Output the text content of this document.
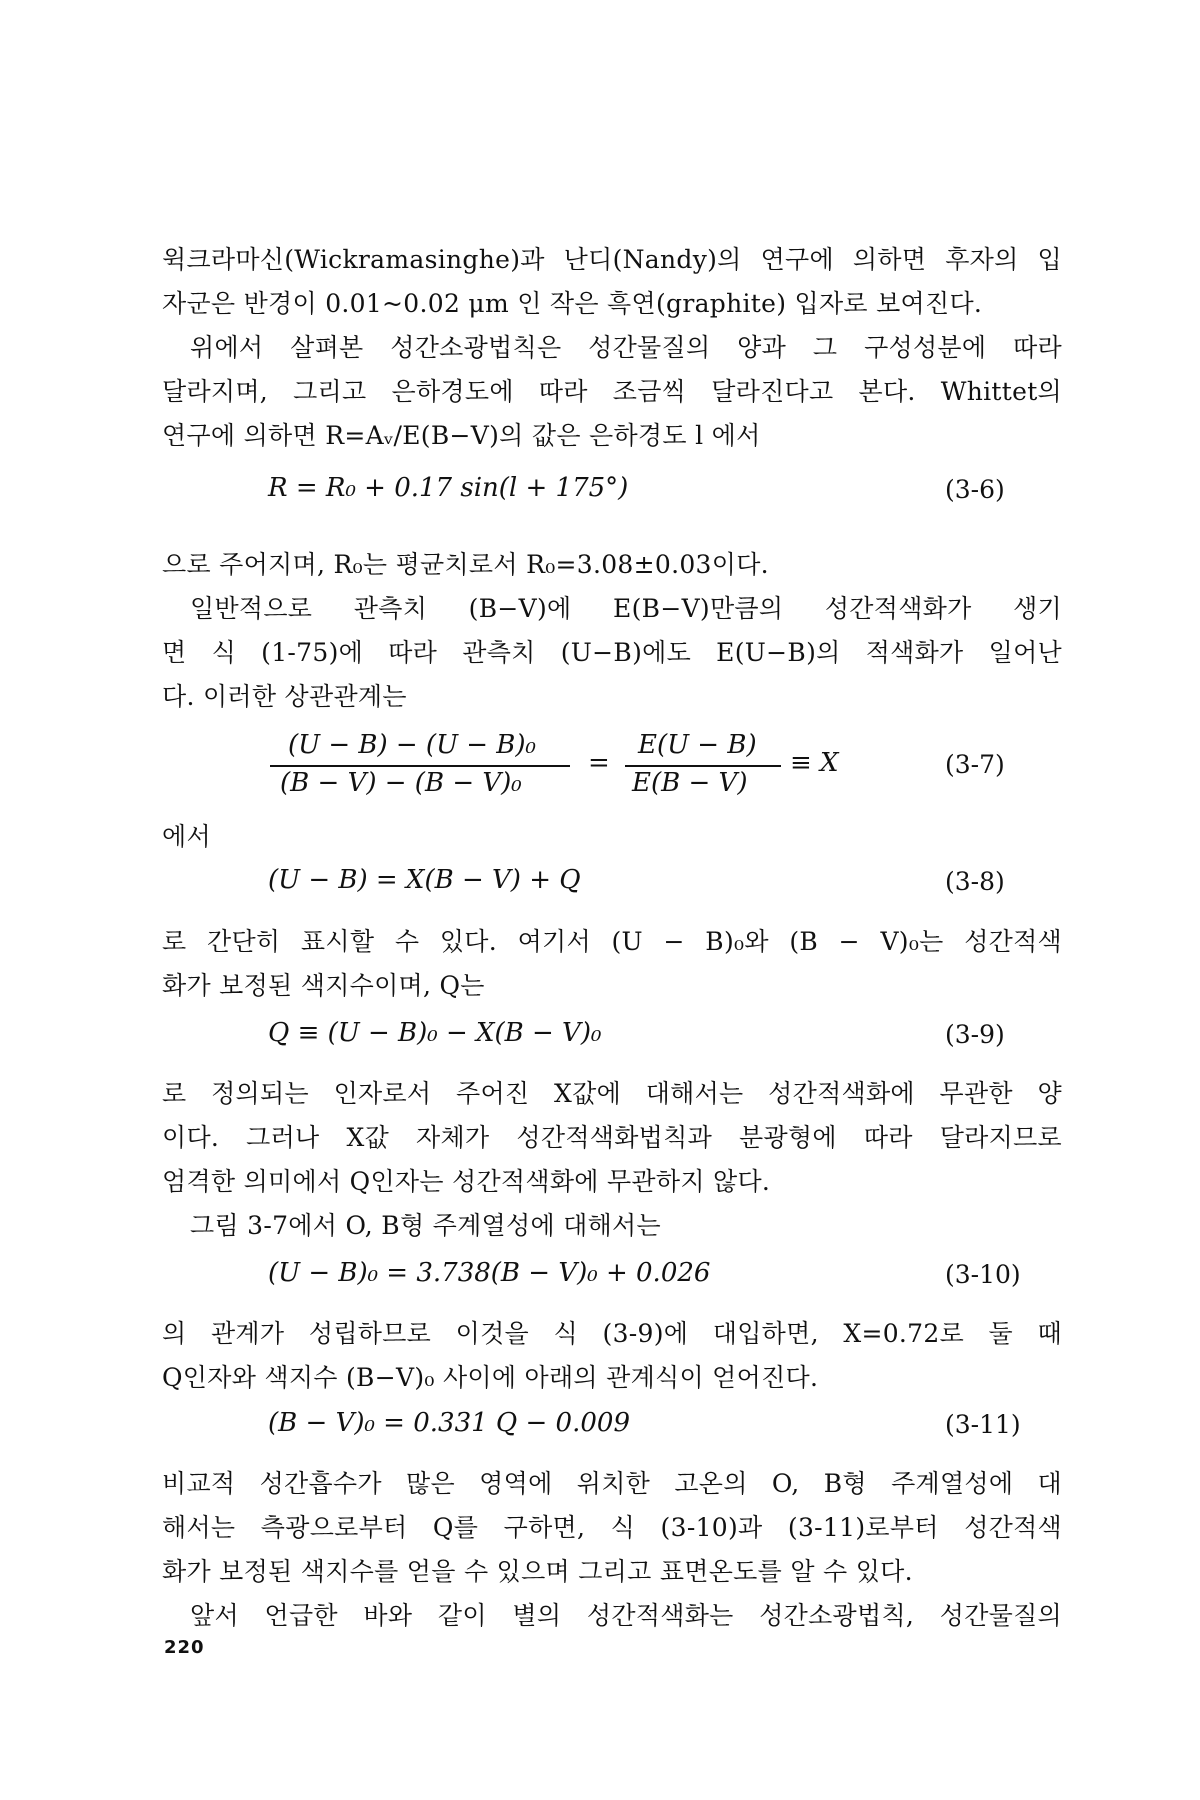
윅크라마신(Wickramasinghe)과 난디(Nandy)의 연구에 의하면 후자의 입
자군은 반경이 0.01~0.02 μm 인 작은 흑연(graphite) 입자로 보여진다.
위에서 살펴본 성간소광법칙은 성간물질의 양과 그 구성성분에 따라
달라지며, 그리고 은하경도에 따라 조금씩 달라진다고 본다. Whittet의
연구에 의하면 R=Aᵥ/E(B−V)의 값은 은하경도 l 에서
R = R₀ + 0.17 sin(l + 175°)	(3-6)
으로 주어지며, R₀는 평균치로서 R₀=3.08±0.03이다.
일반적으로 관측치 (B−V)에 E(B−V)만큼의 성간적색화가 생기
면 식 (1-75)에 따라 관측치 (U−B)에도 E(U−B)의 적색화가 일어난
다. 이러한 상관관계는
(U − B) − (U − B)₀
(B − V) − (B − V)₀
=
E(U − B)
E(B − V)
≡ X	(3-7)
에서
(U − B) = X(B − V) + Q	(3-8)
로 간단히 표시할 수 있다. 여기서 (U − B)₀와 (B − V)₀는 성간적색
화가 보정된 색지수이며, Q는
Q ≡ (U − B)₀ − X(B − V)₀	(3-9)
로 정의되는 인자로서 주어진 X값에 대해서는 성간적색화에 무관한 양
이다. 그러나 X값 자체가 성간적색화법칙과 분광형에 따라 달라지므로
엄격한 의미에서 Q인자는 성간적색화에 무관하지 않다.
그림 3-7에서 O, B형 주계열성에 대해서는
(U − B)₀ = 3.738(B − V)₀ + 0.026	(3-10)
의 관계가 성립하므로 이것을 식 (3-9)에 대입하면, X=0.72로 둘 때
Q인자와 색지수 (B−V)₀ 사이에 아래의 관계식이 얻어진다.
(B − V)₀ = 0.331 Q − 0.009	(3-11)
비교적 성간흡수가 많은 영역에 위치한 고온의 O, B형 주계열성에 대
해서는 측광으로부터 Q를 구하면, 식 (3-10)과 (3-11)로부터 성간적색
화가 보정된 색지수를 얻을 수 있으며 그리고 표면온도를 알 수 있다.
앞서 언급한 바와 같이 별의 성간적색화는 성간소광법칙, 성간물질의
220
